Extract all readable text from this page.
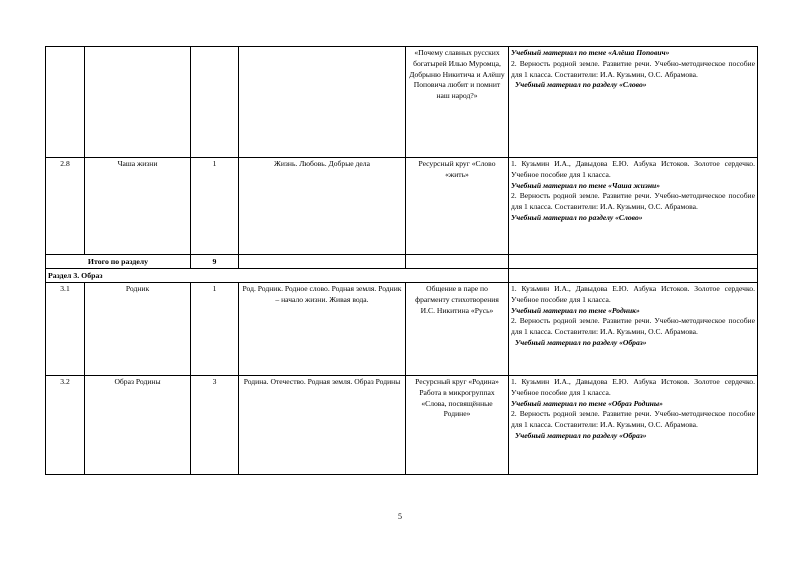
				«Почему славных русских богатырей Илью Муромца, Добрыню Никитича и Алёшу Поповича любит и помнит наш народ?»	Учебный материал по теме «Алёша Попович»
2. Верность родной земле. Развитие речи. Учебно-методическое пособие для 1 класса. Составители: И.А. Кузьмин, О.С. Абрамова.
Учебный материал по разделу «Слово»

2.8	Чаша жизни	1	Жизнь. Любовь. Добрые дела	Ресурсный круг «Слово «жить»	1. Кузьмин И.А., Давыдова Е.Ю. Азбука Истоков. Золотое сердечко. Учебное пособие для 1 класса.
Учебный материал по теме «Чаша жизни»
2. Верность родной земле. Развитие речи. Учебно-методическое пособие для 1 класса. Составители: И.А. Кузьмин, О.С. Абрамова.
Учебный материал по разделу «Слово»

Итого по разделу		9			
Раздел 3. Образ					
3.1	Родник	1	Род. Родник. Родное слово. Родная земля. Родник – начало жизни. Живая вода.	Общение в паре по фрагменту стихотворения И.С. Никитина «Русь»	1. Кузьмин И.А., Давыдова Е.Ю. Азбука Истоков. Золотое сердечко. Учебное пособие для 1 класса.
Учебный материал по теме «Родник»
2. Верность родной земле. Развитие речи. Учебно-методическое пособие для 1 класса. Составители: И.А. Кузьмин, О.С. Абрамова.
Учебный материал по разделу «Образ»

3.2	Образ Родины	3	Родина. Отечество. Родная земля. Образ Родины	Ресурсный круг «Родина» Работа в микрогруппах «Слова, посвящённые Родине»	1. Кузьмин И.А., Давыдова Е.Ю. Азбука Истоков. Золотое сердечко. Учебное пособие для 1 класса.
Учебный материал по теме «Образ Родины»
2. Верность родной земле. Развитие речи. Учебно-методическое пособие для 1 класса. Составители: И.А. Кузьмин, О.С. Абрамова.
Учебный материал по разделу «Образ»
5
